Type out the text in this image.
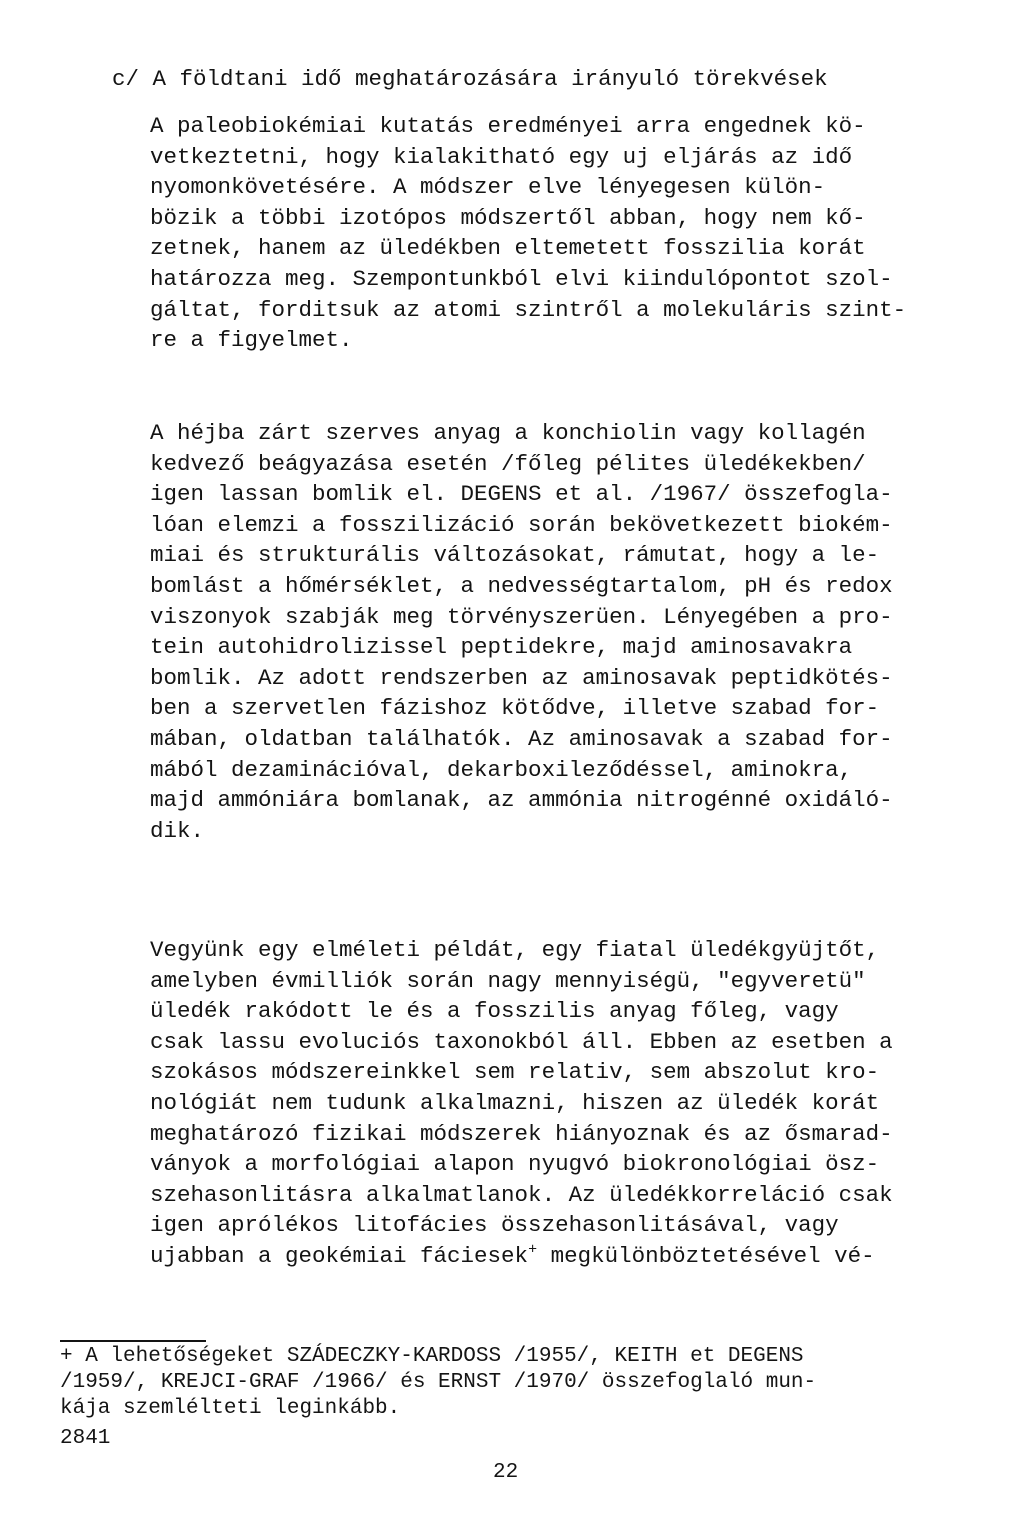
c/ A földtani idő meghatározására irányuló törekvések

A paleobiokémiai kutatás eredményei arra engednek kö-
vetkeztetni, hogy kialakitható egy uj eljárás az idő
nyomonkövetésére. A módszer elve lényegesen külön-
bözik a többi izotópos módszertől abban, hogy nem kő-
zetnek, hanem az üledékben eltemetett fosszilia korát
határozza meg. Szempontunkból elvi kiindulópontot szol-
gáltat, forditsuk az atomi szintről a molekuláris szint-
re a figyelmet.

A héjba zárt szerves anyag a konchiolin vagy kollagén
kedvező beágyazása esetén /főleg pélites üledékekben/
igen lassan bomlik el. DEGENS et al. /1967/ összefogla-
lóan elemzi a fosszilizáció során bekövetkezett biokém-
miai és strukturális változásokat, rámutat, hogy a le-
bomlást a hőmérséklet, a nedvességtartalom, pH és redox
viszonyok szabják meg törvényszerüen. Lényegében a pro-
tein autohidrolizissel peptidekre, majd aminosavakra
bomlik. Az adott rendszerben az aminosavak peptidkötés-
ben a szervetlen fázishoz kötődve, illetve szabad for-
mában, oldatban találhatók. Az aminosavak a szabad for-
mából dezaminációval, dekarboxileződéssel, aminokra,
majd ammóniára bomlanak, az ammónia nitrogénné oxidáló-
dik.

Vegyünk egy elméleti példát, egy fiatal üledékgyüjtőt,
amelyben évmilliók során nagy mennyiségü, "egyveretü"
üledék rakódott le és a fosszilis anyag főleg, vagy
csak lassu evoluciós taxonokból áll. Ebben az esetben a
szokásos módszereinkkel sem relativ, sem abszolut kro-
nológiát nem tudunk alkalmazni, hiszen az üledék korát
meghatározó fizikai módszerek hiányoznak és az ősmarad-
ványok a morfológiai alapon nyugvó biokronológiai ösz-
szehasonlitásra alkalmatlanok. Az üledékkorreláció csak
igen aprólékos litofácies összehasonlitásával, vagy
ujabban a geokémiai fáciesek+ megkülönböztetésével vé-

+ A lehetőségeket SZÁDECZKY-KARDOSS /1955/, KEITH et DEGENS
/1959/, KREJCI-GRAF /1966/ és ERNST /1970/ összefoglaló mun-
kája szemlélteti leginkább.

2841
22
